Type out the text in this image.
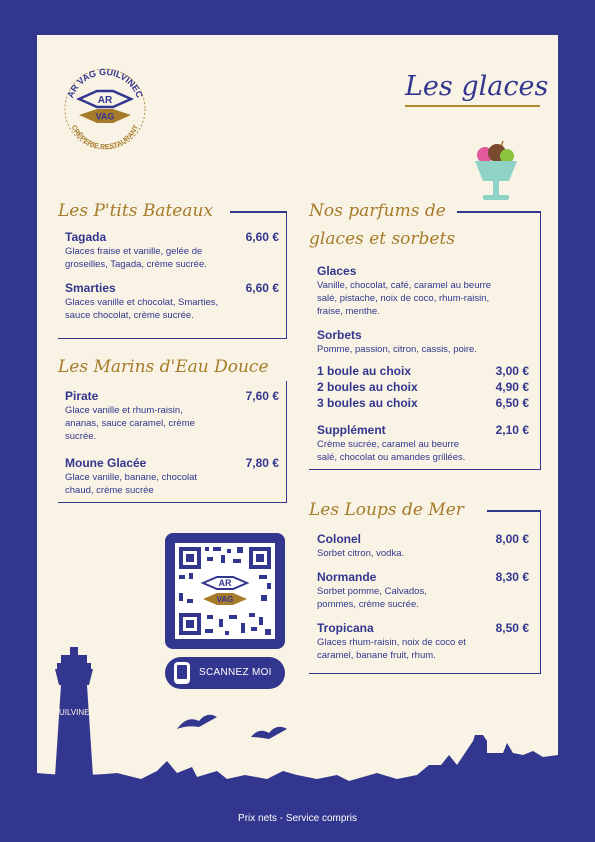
AR VAG GUILVINEC
CRÊPERIE RESTAURANT
AR
VAG
Les glaces
Les P'tits Bateaux
Tagada	6,60 €
Glaces fraise et vanille, gelée de
groseilles, Tagada, crème sucrée.
Smarties	6,60 €
Glaces vanille et chocolat, Smarties,
sauce chocolat, crème sucrée.
Les Marins d'Eau Douce
Pirate	7,60 €
Glace vanille et rhum-raisin,
ananas, sauce caramel, crème
sucrée.
Moune Glacée	7,80 €
Glace vanille, banane, chocolat
chaud, crème sucrée
Nos parfums de
glaces et sorbets
Glaces
Vanille, chocolat, café, caramel au beurre
salé, pistache, noix de coco, rhum-raisin,
fraise, menthe.
Sorbets
Pomme, passion, citron, cassis, poire.
1 boule au choix	3,00 €
2 boules au choix	4,90 €
3 boules au choix	6,50 €
Supplément	2,10 €
Crème sucrée, caramel au beurre
salé, chocolat ou amandes grillées.
Les Loups de Mer
Colonel	8,00 €
Sorbet citron, vodka.
Normande	8,30 €
Sorbet pomme, Calvados,
pommes, crème sucrée.
Tropicana	8,50 €
Glaces rhum-raisin, noix de coco et
caramel, banane fruit, rhum.
AR
VAG
SCANNEZ MOI
GUILVINEC
Prix nets - Service compris
